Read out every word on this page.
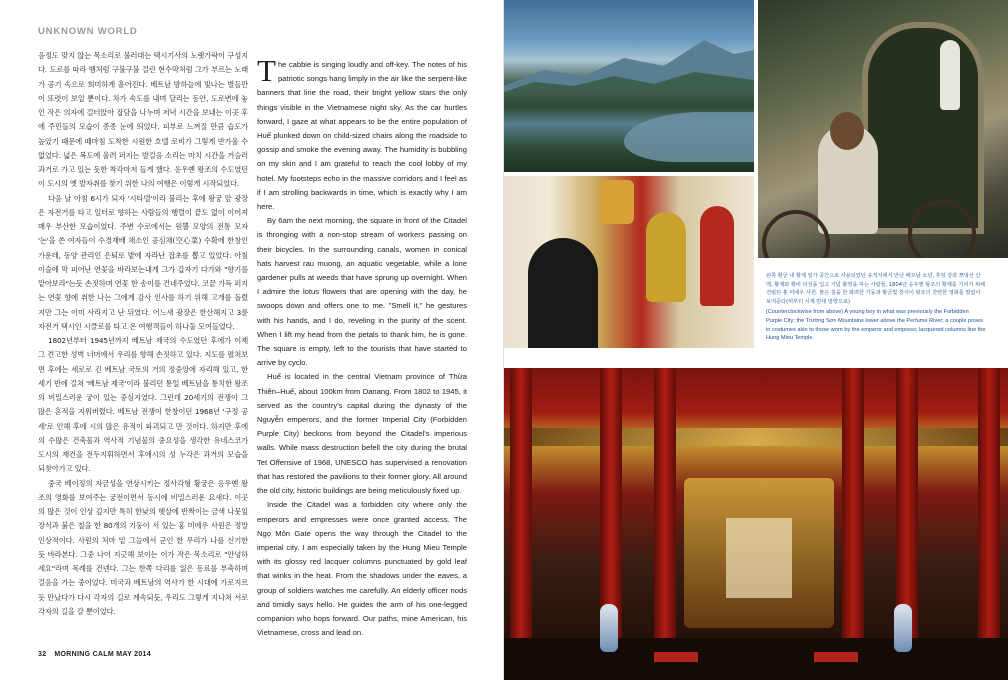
UNKNOWN WORLD

음정도 맞지 않는 목소리로 불러대는 택시기사의 노랫가락이 구성지다. 도로를 따라 뱀처럼 구불구불 걸린 현수막처럼 그가 부르는 노래가 공기 속으로 희미하게 흩어진다. 베트남 밤하늘에 빛나는 별들만이 또렷이 보일 뿐이다. 차가 속도를 내며 달리는 동안, 도로변에 놓인 작은 의자에 걸터앉아 잡담을 나누며 저녁 시간을 보내는 이곳 후에 주민들의 모습이 종종 눈에 띄었다. 피부로 느껴질 만큼 습도가 높았기 때문에 때마침 도착한 시원한 호텔 로비가 그렇게 반가울 수 없었다. 넓은 복도에 울려 퍼지는 발걸음 소리는 마치 시간을 거슬러 과거로 가고 있는 듯한 착각마저 들게 했다. 응우옌 왕조의 수도였던 이 도시의 옛 발자취를 찾기 위한 나의 여행은 이렇게 시작되었다.

다음 날 아침 6시가 되자 '시타델'이라 불리는 후에 왕궁 앞 광장은 자전거를 타고 일터로 향하는 사람들의 행렬이 끝도 없이 이어져 매우 부산한 모습이었다. 주변 수로에서는 원뿔 모양의 전통 모자 '논'을 쓴 여자들이 수경재배 채소인 공심채(空心菜) 수확에 한창인 가운데, 동양 관리인 은퇴로 밭에 자라난 잡초를 뽑고 있었다. 아침이슬에 막 피어난 연꽃을 바라보는내게 그가 갑자기 다가와 "향기를 맡아보라"는듯 손짓하며 연꽃 한 송이를 건네주었다. 코끝 가득 퍼지는 연꽃 향에 취한 나는 그에게 감사 인사를 하기 위해 고개를 돌렸지만 그는 이미 사라지고 난 뒤였다. 어느새 광장은 한산해지고 3륜 자전거 택시인 시클로를 타고 온 여행객들이 하나둘 모여들었다.

1802년부터 1945년까지 베트남 제국의 수도였던 후에가 이제 그 견고한 성벽 너머에서 우리를 향해 손짓하고 있다. 지도를 펼쳐보면 후에는 세로로 긴 베트남 국토의 거의 정중앙에 자리해 있고, 한 세기 반에 걸쳐 '베트남 제국'이라 불리던 통일 베트남을 통치한 왕조의 비밀스러운 궁이 있는 중심지였다. 그런데 20세기의 전쟁이 그 많은 흔적을 지워버렸다. 베트남 전쟁이 한창이던 1968년 '구정 공세'로 인해 후에 시의 많은 유적이 파괴되고 만 것이다. 하지만 후에의 수많은 건축물과 역사적 기념물의 중요성을 생각한 유네스코가 도시의 재건을 전두지휘하면서 후에시의 성 누각은 과거의 모습을 되찾아가고 있다.

중국 베이징의 자금성을 연상시키는 정사각형 황궁은 응우옌 왕조의 영화를 보여주는 궁전이면서 동시에 비밀스러운 요새다. 이곳의 많은 것이 인상 깊지만 특히 한낮의 햇살에 반짝이는 금색 나뭇잎 장식과 붉은 칠을 한 80개의 기둥이 서 있는 홍 미에우 사원은 정말 인상적이다. 사원의 처마 밑 그늘에서 군인 한 무리가 나를 신기한 듯 바라본다. 그중 나이 지긋해 보이는 이가 작은 목소리로 "안녕하세요"라며 목례를 건넨다. 그는 한쪽 다리를 잃은 동료를 부축하며 걸음을 가는 중이었다. 미국과 베트남의 역사가 한 시대에 가로지르듯 만났다가 다시 각자의 길로 계속되듯, 우리도 그렇게 지나쳐 서로 각자의 길을 갈 뿐이었다.

The cabbie is singing loudly and off-key. The notes of his patriotic songs hang limply in the air like the serpent-like banners that line the road, their bright yellow stars the only things visible in the Vietnamese night sky. As the car hurtles forward, I gaze at what appears to be the entire population of Huế plunked down on child-sized chairs along the roadside to gossip and smoke the evening away. The humidity is bubbling on my skin and I am grateful to reach the cool lobby of my hotel. My footsteps echo in the massive corridors and I feel as if I am strolling backwards in time, which is exactly why I am here.

By 6am the next morning, the square in front of the Citadel is thronging with a non-stop stream of workers passing on their bicycles. In the surrounding canals, women in conical hats harvest rau muong, an aquatic vegetable, while a lone gardener pulls at weeds that have sprung up overnight. When I admire the lotus flowers that are opening with the day, he swoops down and offers one to me. "Smell it," he gestures with his hands, and I do, reveling in the purity of the scent. When I lift my head from the petals to thank him, he is gone. The square is empty, left to the tourists that have started to arrive by cyclo.

Huế is located in the central Vietnam province of Thừa Thiên–Huế, about 100km from Danang. From 1802 to 1945, it served as the country's capital during the dynasty of the Nguyễn emperors, and the former Imperial City (Forbidden Purple City) beckons from beyond the Citadel's imperious walls. While mass destruction befell the city during the brutal Tet Offensive of 1968, UNESCO has supervised a renovation that has restored the pavilions to their former glory. All around the old city, historic buildings are being meticulously fixed up.

Inside the Citadel was a forbidden city where only the emperors and empresses were once granted access. The Ngọ Môn Gate opens the way through the Citadel to the imperial city. I am especially taken by the Hung Mieu Temple with its glossy red lacquer columns punctuated by gold leaf that winks in the heat. From the shadows under the eaves, a group of soldiers watches me carefully. An elderly officer nods and timidly says hello. He guides the arm of his one-legged companion who hops forward. Our paths, mine American, his Vietnamese, cross and lead on.

32 MORNING CALM MAY 2014

왼쪽 황궁 내 황제 일가 공간으로 사용되었던 유적지에서 만난 베트남 소년, 후엉 강과 쯔엉선 산맥, 황제와 황비 의상을 입고 기념 촬영을 하는 사람들, 1804년 응우옌 왕조의 황제를 기리기 위해 건립된 홍 미에우 사원. 붉은 칠을 한 화려한 기둥과 황금빛 장식이 왕조의 찬란한 영화를 말없이 보여준다(위부터 시계 반대 방향으로)

(Counterclockwise from above) A young boy in what was previously the Forbidden Purple City; the Trường Sơn Mountains lower above the Perfume River; a couple poses in costumes akin to those worn by the emperor and empress; lacquered columns line the Hung Mieu Temple.
